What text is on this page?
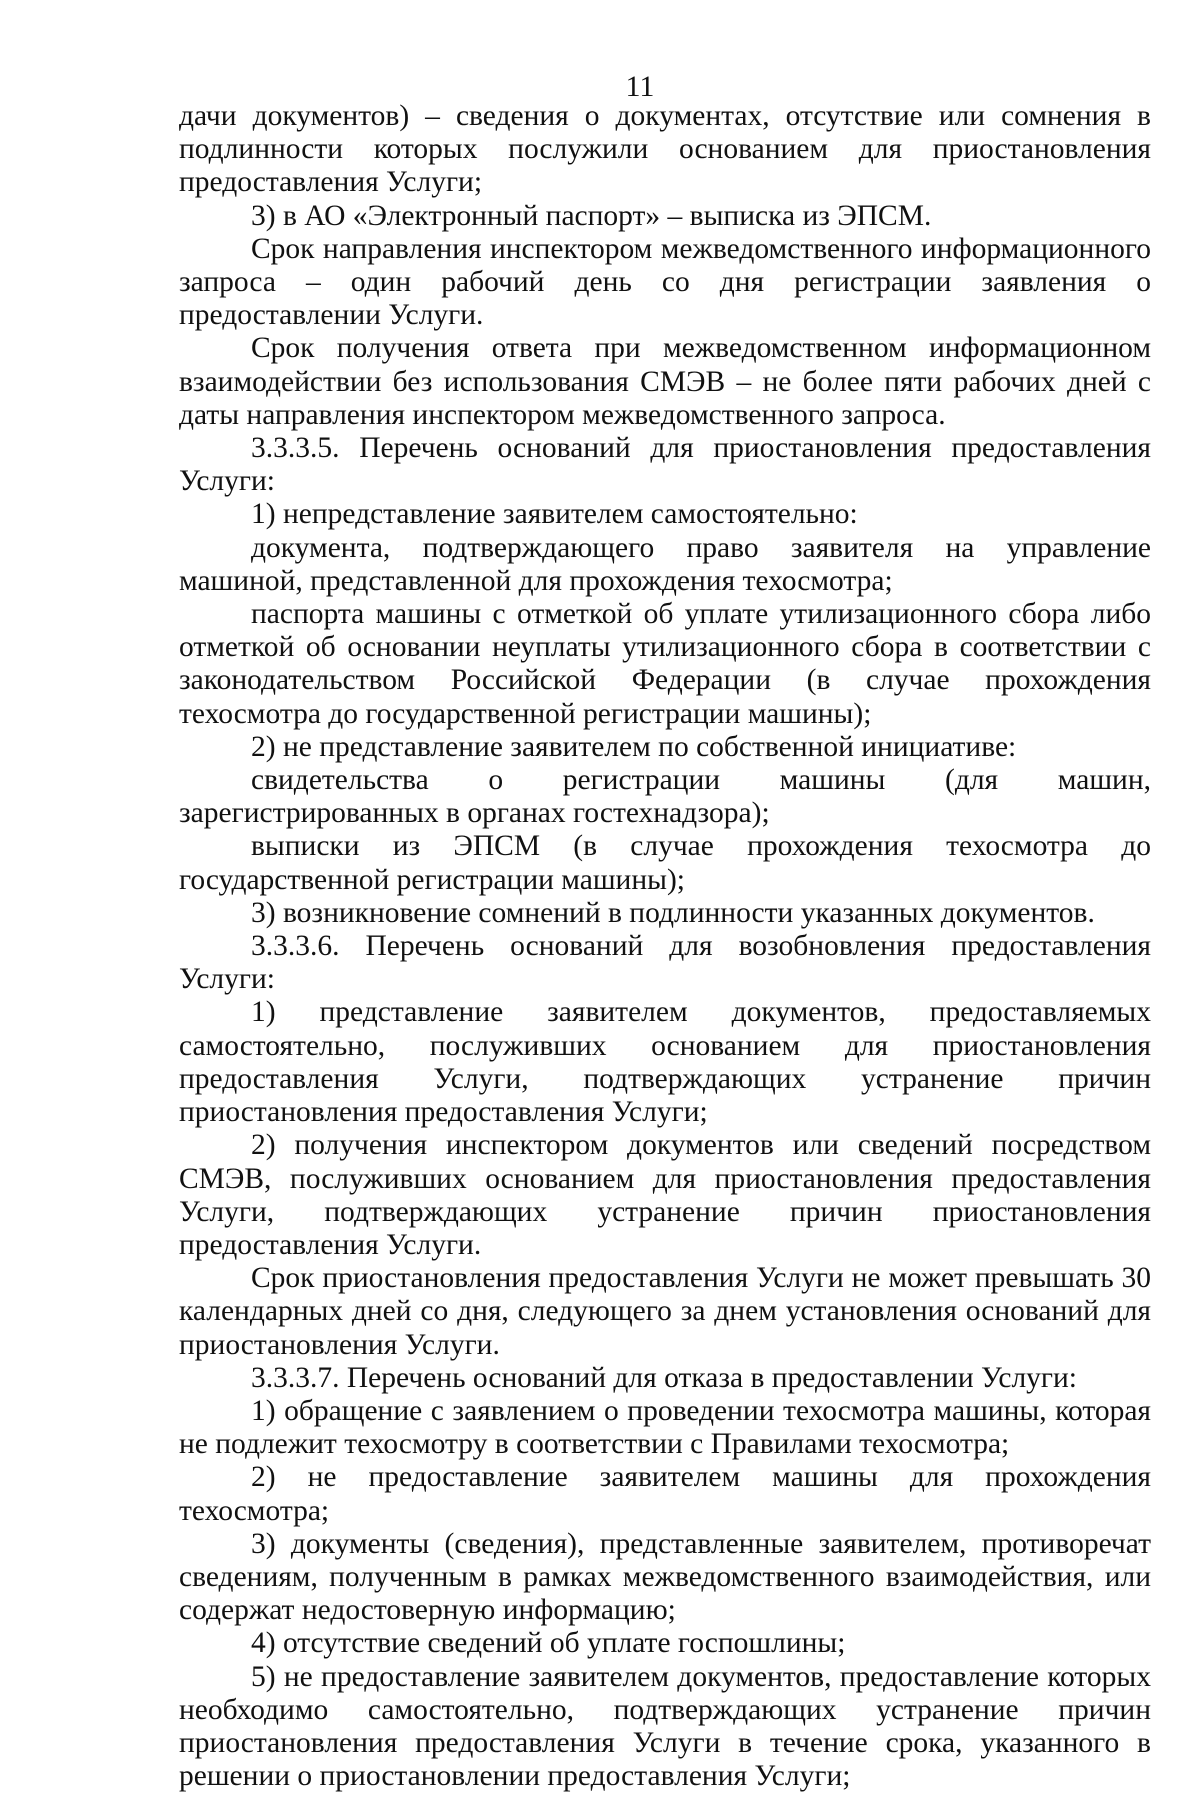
11

дачи документов) – сведения о документах, отсутствие или сомнения в подлинности которых послужили основанием для приостановления предоставления Услуги;

3) в АО «Электронный паспорт» – выписка из ЭПСМ.

Срок направления инспектором межведомственного информационного запроса – один рабочий день со дня регистрации заявления о предоставлении Услуги.

Срок получения ответа при межведомственном информационном взаимодействии без использования СМЭВ – не более пяти рабочих дней с даты направления инспектором межведомственного запроса.

3.3.3.5. Перечень оснований для приостановления предоставления Услуги:

1) непредставление заявителем самостоятельно:

документа, подтверждающего право заявителя на управление машиной, представленной для прохождения техосмотра;

паспорта машины с отметкой об уплате утилизационного сбора либо отметкой об основании неуплаты утилизационного сбора в соответствии с законодательством Российской Федерации (в случае прохождения техосмотра до государственной регистрации машины);

2) не представление заявителем по собственной инициативе:

свидетельства о регистрации машины (для машин, зарегистрированных в органах гостехнадзора);

выписки из ЭПСМ (в случае прохождения техосмотра до государственной регистрации машины);

3) возникновение сомнений в подлинности указанных документов.

3.3.3.6. Перечень оснований для возобновления предоставления Услуги:

1) представление заявителем документов, предоставляемых самостоятельно, послуживших основанием для приостановления предоставления Услуги, подтверждающих устранение причин приостановления предоставления Услуги;

2) получения инспектором документов или сведений посредством СМЭВ, послуживших основанием для приостановления предоставления Услуги, подтверждающих устранение причин приостановления предоставления Услуги.

Срок приостановления предоставления Услуги не может превышать 30 календарных дней со дня, следующего за днем установления оснований для приостановления Услуги.

3.3.3.7. Перечень оснований для отказа в предоставлении Услуги:

1) обращение с заявлением о проведении техосмотра машины, которая не подлежит техосмотру в соответствии с Правилами техосмотра;

2) не предоставление заявителем машины для прохождения техосмотра;

3) документы (сведения), представленные заявителем, противоречат сведениям, полученным в рамках межведомственного взаимодействия, или содержат недостоверную информацию;

4) отсутствие сведений об уплате госпошлины;

5) не предоставление заявителем документов, предоставление которых необходимо самостоятельно, подтверждающих устранение причин приостановления предоставления Услуги в течение срока, указанного в решении о приостановлении предоставления Услуги;
